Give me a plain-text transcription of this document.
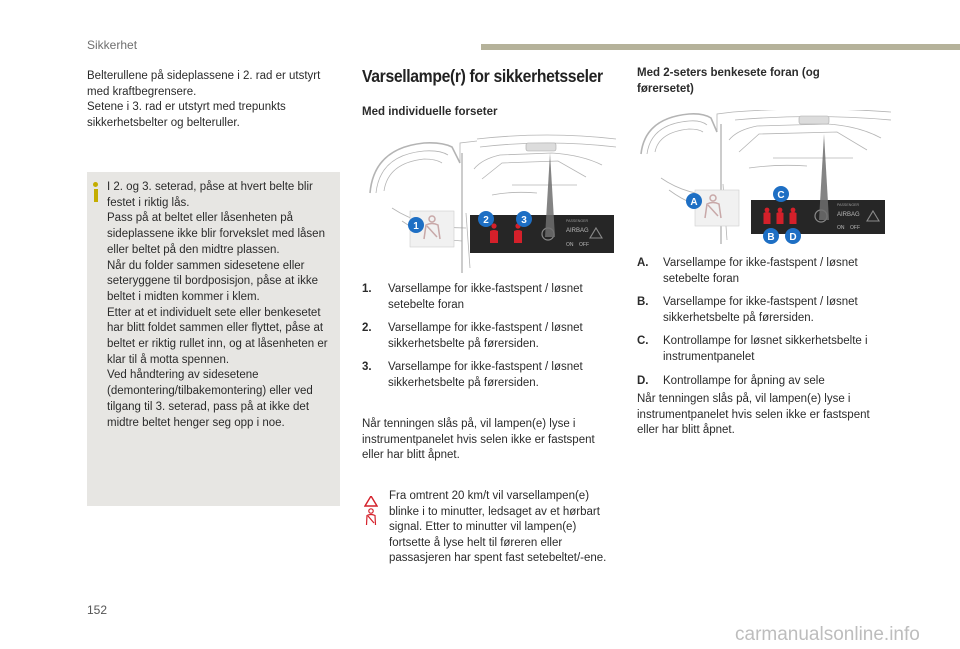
Sikkerhet

Belterullene på sideplassene i 2. rad er utstyrt med kraftbegrensere.

Setene i 3. rad er utstyrt med trepunkts sikkerhetsbelter og belteruller.

I 2. og 3. seterad, påse at hvert belte blir festet i riktig lås.

Pass på at beltet eller låsenheten på sideplassene ikke blir forvekslet med låsen eller beltet på den midtre plassen.

Når du folder sammen sidesetene eller seteryggene til bordposisjon, påse at ikke beltet i midten kommer i klem.

Etter at et individuelt sete eller benkesetet har blitt foldet sammen eller flyttet, påse at beltet er riktig rullet inn, og at låsenheten er klar til å motta spennen.

Ved håndtering av sidesetene (demontering/tilbakemontering) eller ved tilgang til 3. seterad, pass på at ikke det midtre beltet henger seg opp i noe.

Varsellampe(r) for sikkerhetsseler
Med individuelle forseter
PASSENGER
AIRBAG
ON OFF
1
2	3
1. Varsellampe for ikke-fastspent / løsnet setebelte foran
2. Varsellampe for ikke-fastspent / løsnet sikkerhetsbelte på førersiden.
3. Varsellampe for ikke-fastspent / løsnet sikkerhetsbelte på førersiden.
Når tenningen slås på, vil lampen(e) lyse i instrumentpanelet hvis selen ikke er fastspent eller har blitt åpnet.
Fra omtrent 20 km/t vil varsellampen(e) blinke i to minutter, ledsaget av et hørbart signal. Etter to minutter vil lampen(e) fortsette å lyse helt til føreren eller passasjeren har spent fast setebeltet/-ene.
Med 2-seters benkesete foran (og førersetet)
PASSENGER
AIRBAG
ON OFF
A
C
B D
A. Varsellampe for ikke-fastspent / løsnet setebelte foran
B. Varsellampe for ikke-fastspent / løsnet sikkerhetsbelte på førersiden.
C. Kontrollampe for løsnet sikkerhetsbelte i instrumentpanelet
D. Kontrollampe for åpning av sele
Når tenningen slås på, vil lampen(e) lyse i instrumentpanelet hvis selen ikke er fastspent eller har blitt åpnet.
152
carmanualsonline.info
